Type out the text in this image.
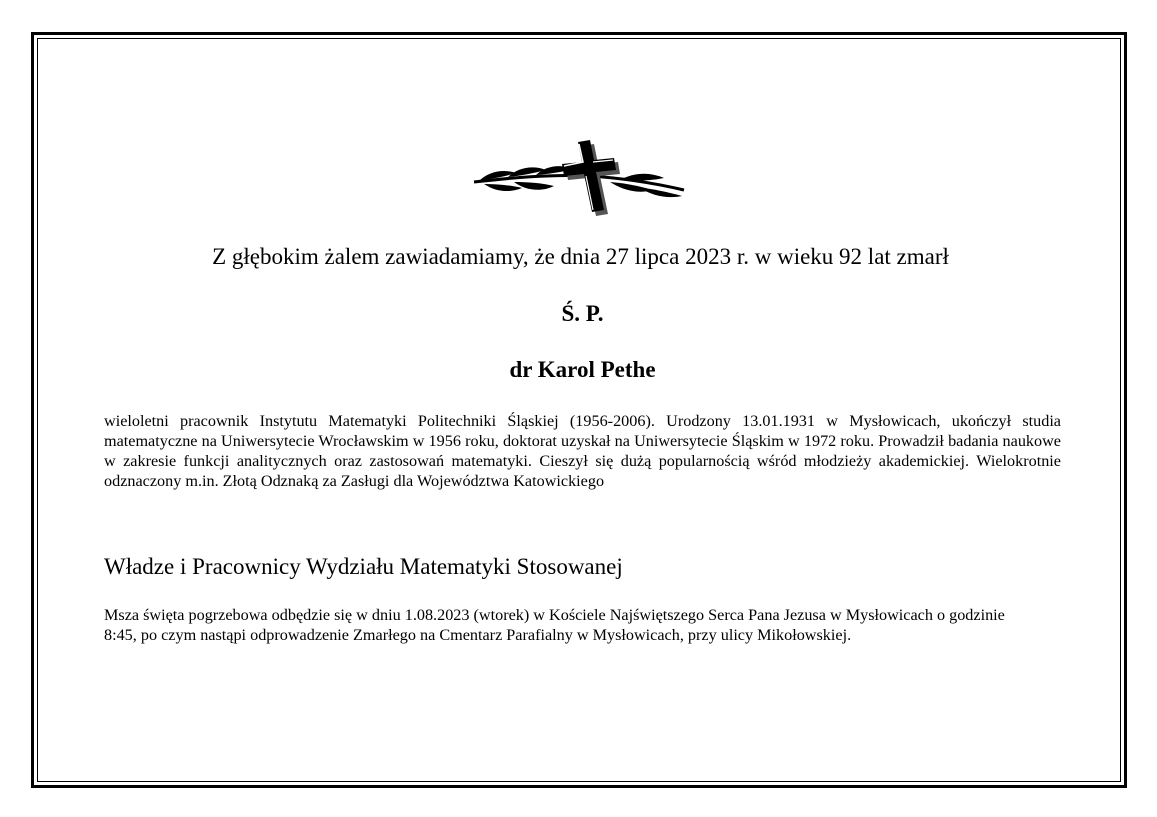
Z głębokim żalem zawiadamiamy, że dnia 27 lipca 2023 r. w wieku 92 lat zmarł
Ś. P.
dr Karol Pethe
wieloletni pracownik Instytutu Matematyki Politechniki Śląskiej (1956-2006). Urodzony 13.01.1931 w Mysłowicach, ukończył studia matematyczne na Uniwersytecie Wrocławskim w 1956 roku, doktorat uzyskał na Uniwersytecie Śląskim w 1972 roku. Prowadził badania naukowe w zakresie funkcji analitycznych oraz zastosowań matematyki. Cieszył się dużą popularnością wśród młodzieży akademickiej. Wielokrotnie odznaczony m.in. Złotą Odznaką za Zasługi dla Województwa Katowickiego
Władze i Pracownicy Wydziału Matematyki Stosowanej
Msza święta pogrzebowa odbędzie się w dniu 1.08.2023 (wtorek) w Kościele Najświętszego Serca Pana Jezusa w Mysłowicach o godzinie 8:45, po czym nastąpi odprowadzenie Zmarłego na Cmentarz Parafialny w Mysłowicach, przy ulicy Mikołowskiej.
